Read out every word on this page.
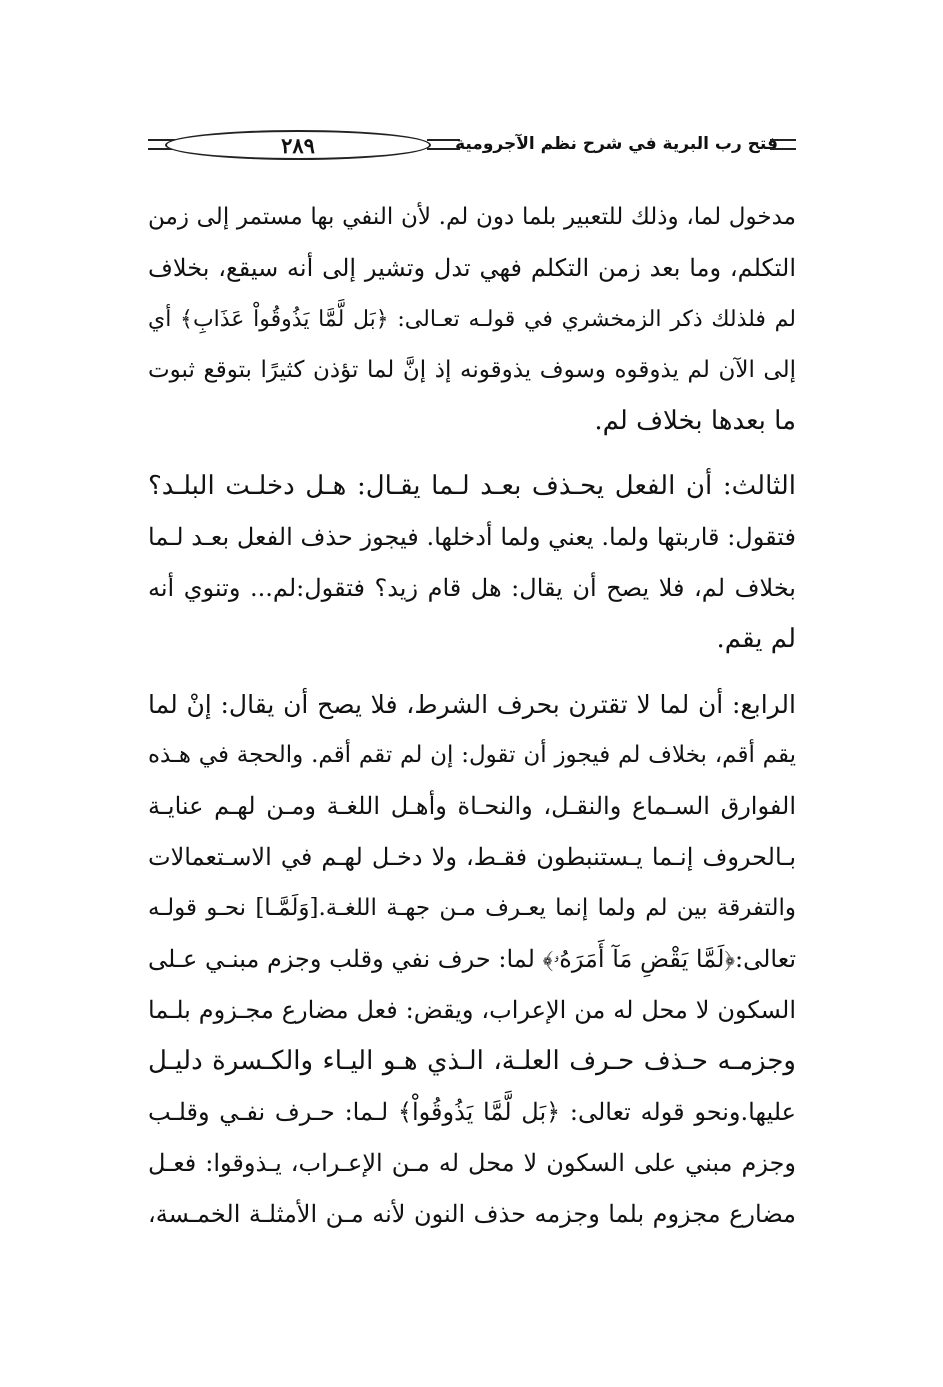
٢٨٩	فتح رب البرية في شرح نظم الآجرومية
مدخول لما، وذلك للتعبير بلما دون لم. لأن النفي بها مستمر إلى زمن
التكلم، وما بعد زمن التكلم فهي تدل وتشير إلى أنه سيقع، بخلاف
لم فلذلك ذكر الزمخشري في قولـه تعـالى: ﴿بَل لَّمَّا يَذُوقُواْ عَذَابِ﴾ أي
إلى الآن لم يذوقوه وسوف يذوقونه إذ إنَّ لما تؤذن كثيرًا بتوقع ثبوت
ما بعدها بخلاف لم.
الثالث: أن الفعل يحـذف بعـد لـما يقـال: هـل دخلـت البلـد؟
فتقول: قاربتها ولما. يعني ولما أدخلها. فيجوز حذف الفعل بعـد لـما
بخلاف لم، فلا يصح أن يقال: هل قام زيد؟ فتقول:لم... وتنوي أنه
لم يقم.
الرابع: أن لما لا تقترن بحرف الشرط، فلا يصح أن يقال: إنْ لما
يقم أقم، بخلاف لم فيجوز أن تقول: إن لم تقم أقم. والحجة في هـذه
الفوارق السـماع والنقـل، والنحـاة وأهـل اللغـة ومـن لهـم عنايـة
بـالحروف إنـما يـستنبطون فقـط، ولا دخـل لهـم في الاسـتعمالات
والتفرقة بين لم ولما إنما يعـرف مـن جهـة اللغـة.[وَلَمَّـا] نحـو قولـه
تعالى:﴿لَمَّا يَقْضِ مَآ أَمَرَهُۥ﴾ لما: حرف نفي وقلب وجزم مبنـي عـلى
السكون لا محل له من الإعراب، ويقض: فعل مضارع مجـزوم بلـما
وجزمـه حـذف حـرف العلـة، الـذي هـو اليـاء والكـسرة دليـل
عليها.ونحو قوله تعالى: ﴿بَل لَّمَّا يَذُوقُواْ﴾ لـما: حـرف نفـي وقلـب
وجزم مبني على السكون لا محل له مـن الإعـراب، يـذوقوا: فعـل
مضارع مجزوم بلما وجزمه حذف النون لأنه مـن الأمثلـة الخمـسة،
